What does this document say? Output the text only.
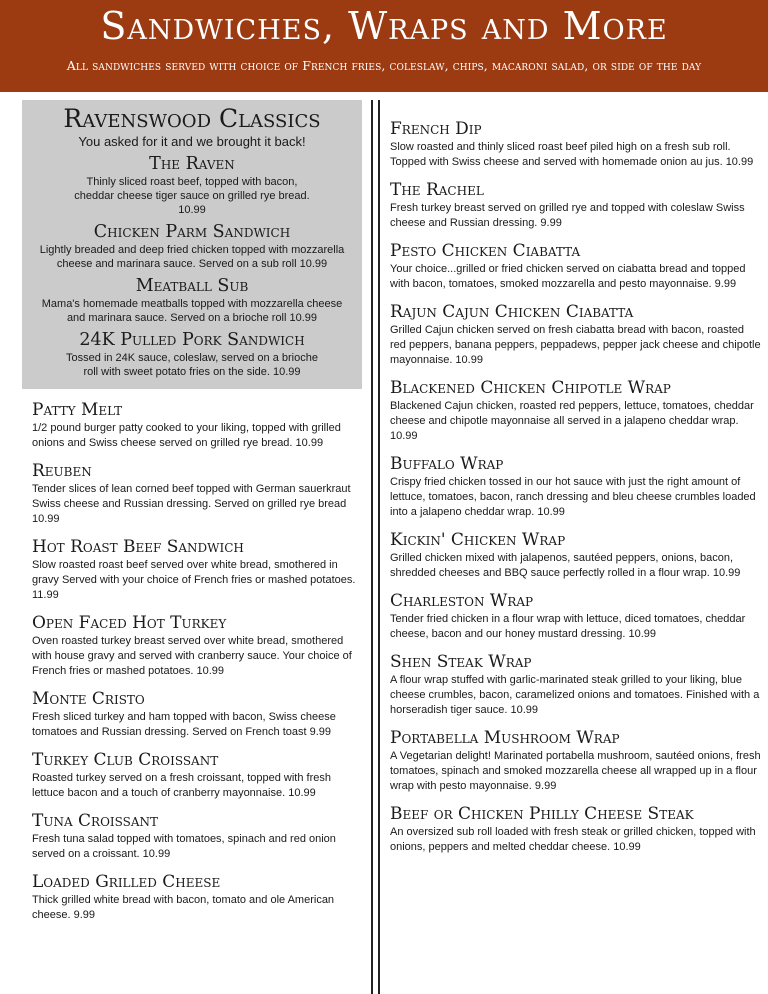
Sandwiches, Wraps and More
All sandwiches served with choice of French fries, coleslaw, chips, macaroni salad, or side of the day
Ravenswood Classics
You asked for it and we brought it back!
The Raven
Thinly sliced roast beef, topped with bacon, cheddar cheese tiger sauce on grilled rye bread. 10.99
Chicken Parm Sandwich
Lightly breaded and deep fried chicken topped with mozzarella cheese and marinara sauce. Served on a sub roll 10.99
Meatball Sub
Mama's homemade meatballs topped with mozzarella cheese and marinara sauce. Served on a brioche roll 10.99
24K Pulled Pork Sandwich
Tossed in 24K sauce, coleslaw, served on a brioche roll with sweet potato fries on the side. 10.99
Patty Melt
1/2 pound burger patty cooked to your liking, topped with grilled onions and Swiss cheese served on grilled rye bread. 10.99
Reuben
Tender slices of lean corned beef topped with German sauerkraut Swiss cheese and Russian dressing. Served on grilled rye bread 10.99
Hot Roast Beef Sandwich
Slow roasted roast beef served over white bread, smothered in gravy Served with your choice of French fries or mashed potatoes. 11.99
Open Faced Hot Turkey
Oven roasted turkey breast served over white bread, smothered with house gravy and served with cranberry sauce. Your choice of French fries or mashed potatoes. 10.99
Monte Cristo
Fresh sliced turkey and ham topped with bacon, Swiss cheese tomatoes and Russian dressing. Served on French toast 9.99
Turkey Club Croissant
Roasted turkey served on a fresh croissant, topped with fresh lettuce bacon and a touch of cranberry mayonnaise. 10.99
Tuna Croissant
Fresh tuna salad topped with tomatoes, spinach and red onion served on a croissant. 10.99
Loaded Grilled Cheese
Thick grilled white bread with bacon, tomato and ole American cheese. 9.99
French Dip
Slow roasted and thinly sliced roast beef piled high on a fresh sub roll. Topped with Swiss cheese and served with homemade onion au jus. 10.99
The Rachel
Fresh turkey breast served on grilled rye and topped with coleslaw Swiss cheese and Russian dressing. 9.99
Pesto Chicken Ciabatta
Your choice...grilled or fried chicken served on ciabatta bread and topped with bacon, tomatoes, smoked mozzarella and pesto mayonnaise. 9.99
Rajun Cajun Chicken Ciabatta
Grilled Cajun chicken served on fresh ciabatta bread with bacon, roasted red peppers, banana peppers, peppadews, pepper jack cheese and chipotle mayonnaise. 10.99
Blackened Chicken Chipotle Wrap
Blackened Cajun chicken, roasted red peppers, lettuce, tomatoes, cheddar cheese and chipotle mayonnaise all served in a jalapeno cheddar wrap. 10.99
Buffalo Wrap
Crispy fried chicken tossed in our hot sauce with just the right amount of lettuce, tomatoes, bacon, ranch dressing and bleu cheese crumbles loaded into a jalapeno cheddar wrap. 10.99
Kickin' Chicken Wrap
Grilled chicken mixed with jalapenos, sautéed peppers, onions, bacon, shredded cheeses and BBQ sauce perfectly rolled in a flour wrap. 10.99
Charleston Wrap
Tender fried chicken in a flour wrap with lettuce, diced tomatoes, cheddar cheese, bacon and our honey mustard dressing. 10.99
Shen Steak Wrap
A flour wrap stuffed with garlic-marinated steak grilled to your liking, blue cheese crumbles, bacon, caramelized onions and tomatoes. Finished with a horseradish tiger sauce. 10.99
Portabella Mushroom Wrap
A Vegetarian delight! Marinated portabella mushroom, sautéed onions, fresh tomatoes, spinach and smoked mozzarella cheese all wrapped up in a flour wrap with pesto mayonnaise. 9.99
Beef or Chicken Philly Cheese Steak
An oversized sub roll loaded with fresh steak or grilled chicken, topped with onions, peppers and melted cheddar cheese. 10.99
